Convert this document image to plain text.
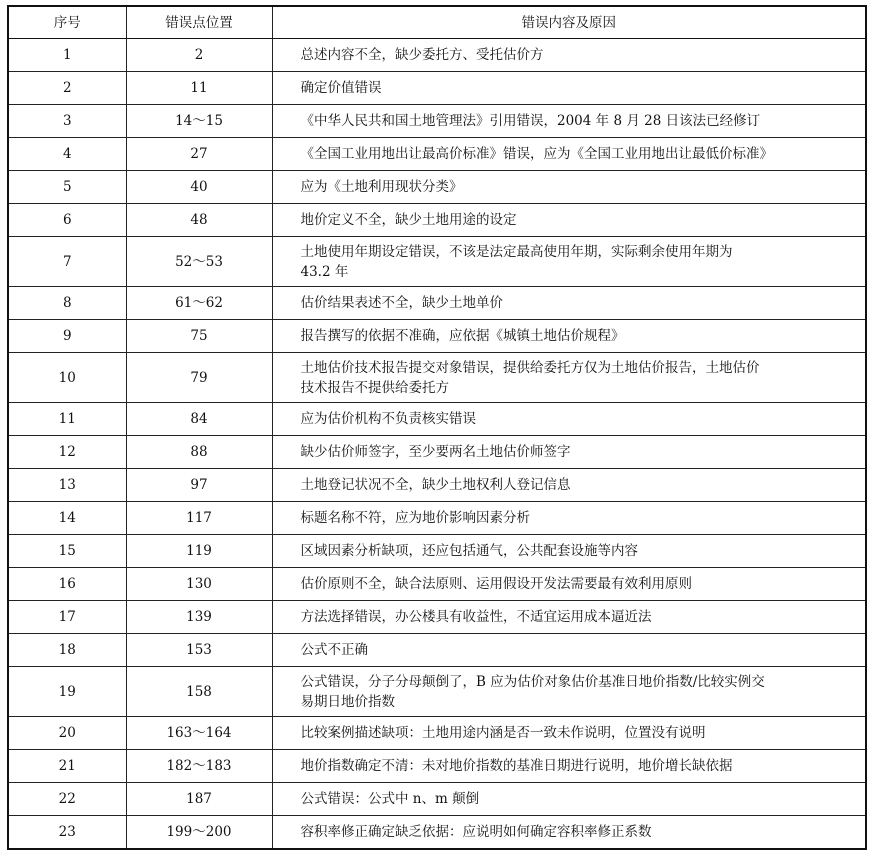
序号	错误点位置	错误内容及原因
1	2	总述内容不全，缺少委托方、受托估价方
2	11	确定价值错误
3	14～15	《中华人民共和国土地管理法》引用错误，2004 年 8 月 28 日该法已经修订
4	27	《全国工业用地出让最高价标准》错误，应为《全国工业用地出让最低价标准》
5	40	应为《土地利用现状分类》
6	48	地价定义不全，缺少土地用途的设定
7	52～53	土地使用年期设定错误，不该是法定最高使用年期，实际剩余使用年期为
43.2 年
8	61～62	估价结果表述不全，缺少土地单价
9	75	报告撰写的依据不准确，应依据《城镇土地估价规程》
10	79	土地估价技术报告提交对象错误，提供给委托方仅为土地估价报告，土地估价
技术报告不提供给委托方
11	84	应为估价机构不负责核实错误
12	88	缺少估价师签字，至少要两名土地估价师签字
13	97	土地登记状况不全，缺少土地权利人登记信息
14	117	标题名称不符，应为地价影响因素分析
15	119	区域因素分析缺项，还应包括通气，公共配套设施等内容
16	130	估价原则不全，缺合法原则、运用假设开发法需要最有效利用原则
17	139	方法选择错误，办公楼具有收益性，不适宜运用成本逼近法
18	153	公式不正确
19	158	公式错误，分子分母颠倒了，B 应为估价对象估价基准日地价指数/比较实例交
易期日地价指数
20	163～164	比较案例描述缺项：土地用途内涵是否一致未作说明，位置没有说明
21	182～183	地价指数确定不清：未对地价指数的基准日期进行说明，地价增长缺依据
22	187	公式错误：公式中 n、m 颠倒
23	199～200	容积率修正确定缺乏依据：应说明如何确定容积率修正系数
